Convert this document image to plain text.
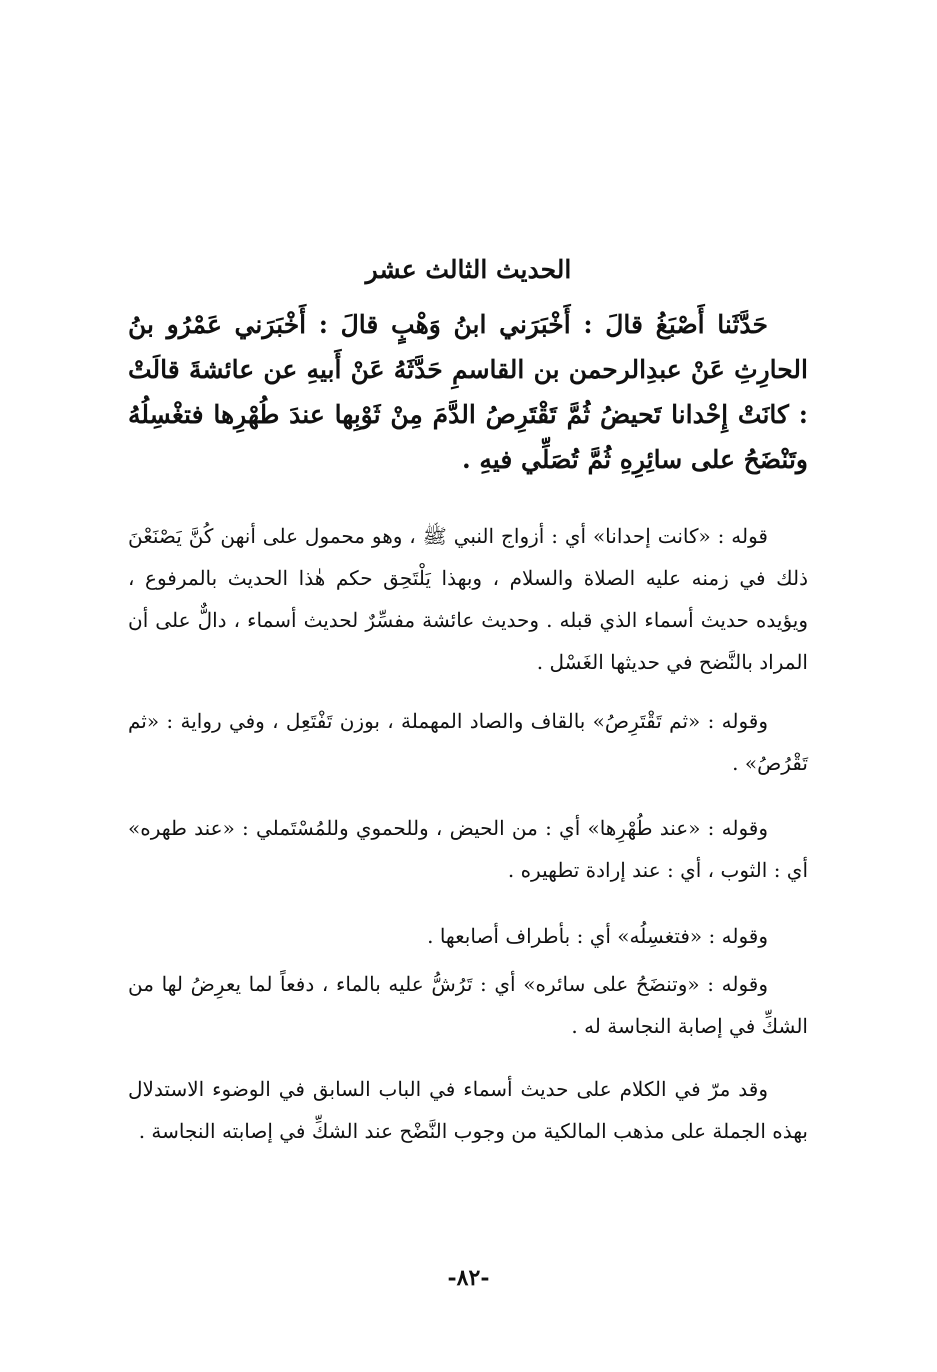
الحديث الثالث عشر

حَدَّثَنا أَصْبَغُ قالَ : أَخْبَرَني ابنُ وَهْبٍ قالَ : أَخْبَرَني عَمْرُو بنُ الحارِثِ عَنْ عبدِالرحمن بن القاسمِ حَدَّثَهُ عَنْ أَبيهِ عن عائشةَ قالَتْ : كانَتْ إِحْدانا تَحيضُ ثُمَّ تَقْتَرِصُ الدَّمَ مِنْ ثَوْبِها عندَ طُهْرِها فتغْسِلُهُ وتَنْضَحُ على سائِرِهِ ثُمَّ تُصَلِّي فيهِ .

قوله : «كانت إحدانا» أي : أزواج النبي ﷺ ، وهو محمول على أنهن كُنَّ يَصْنَعْنَ ذلك في زمنه عليه الصلاة والسلام ، وبهذا يَلْتَحِق حكم هٰذا الحديث بالمرفوع ، ويؤيده حديث أسماء الذي قبله . وحديث عائشة مفسِّرٌ لحديث أسماء ، دالٌّ على أن المراد بالنَّضح في حديثها الغَسْل .

وقوله : «ثم تَقْتَرِصُ» بالقاف والصاد المهملة ، بوزن تَفْتَعِل ، وفي رواية : «ثم تَقْرُصُ» .

وقوله : «عند طُهْرِها» أي : من الحيض ، وللحموي وللمُسْتَملي : «عند طهره» أي : الثوب ، أي : عند إرادة تطهيره .

وقوله : «فتغسِلُه» أي : بأطراف أصابعها .

وقوله : «وتنضَحُ على سائره» أي : تَرُشُّ عليه بالماء ، دفعاً لما يعرِضُ لها من الشكِّ في إصابة النجاسة له .

وقد مرّ في الكلام على حديث أسماء في الباب السابق في الوضوء الاستدلال بهذه الجملة على مذهب المالكية من وجوب النَّضْح عند الشكِّ في إصابته النجاسة .

-٨٢-
